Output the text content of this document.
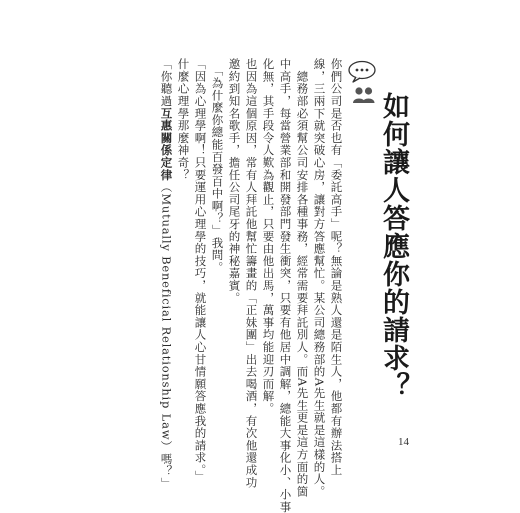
如何讓人答應你的請求？
你們公司是否也有「委託高手」呢？無論是熟人還是陌生人，他都有辦法搭上
線，三兩下就突破心房，讓對方答應幫忙。某公司總務部的A先生就是這樣的人。
　總務部必須幫公司安排各種事務，經常需要拜託別人。而A先生更是這方面的箇
中高手，每當營業部和開發部門發生衝突，只要有他居中調解，總能大事化小、小事
化無，其手段令人歎為觀止，只要由他出馬，萬事均能迎刃而解。
也因為這個原因，常有人拜託他幫忙籌畫的「正妹團」出去喝酒，有次他還成功
邀約到知名歌手，擔任公司尾牙的神秘嘉賓。
　「為什麼你總能百發百中啊？」我問。
「因為心理學啊！只要運用心理學的技巧，就能讓人心甘情願答應我的請求。」
什麼心理學那麼神奇？
「你聽過互惠關係定律（Mutually Beneficial Relationship Law）嗎？」	14
